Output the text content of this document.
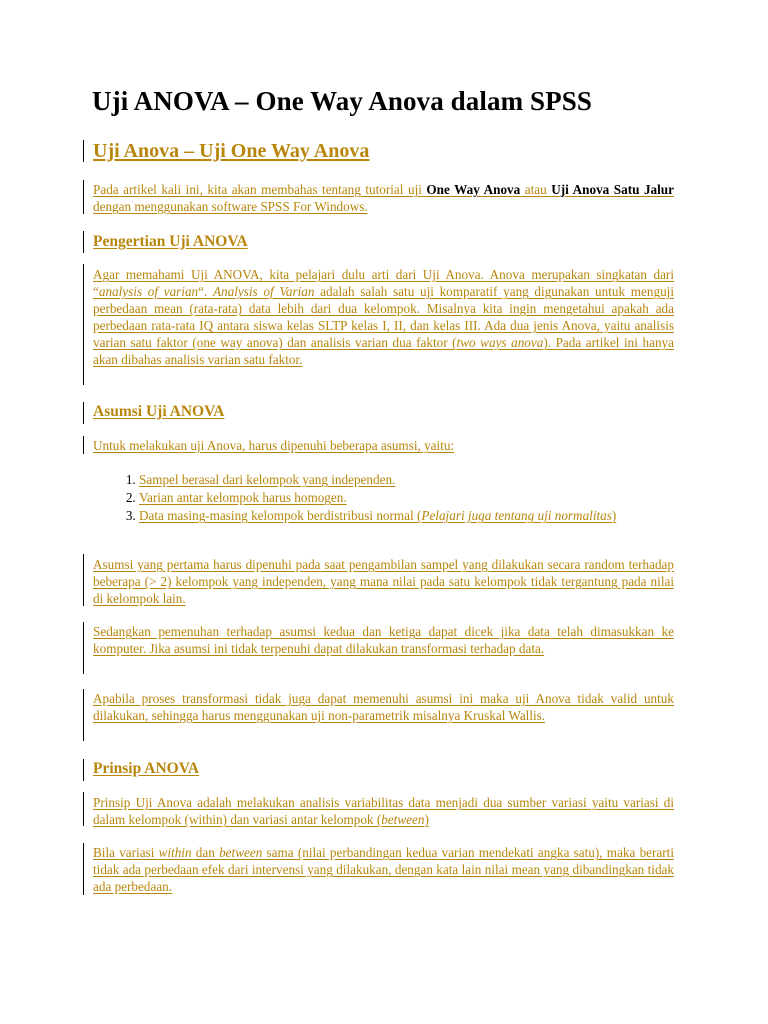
Uji ANOVA – One Way Anova dalam SPSS
Uji Anova – Uji One Way Anova

Pada artikel kali ini, kita akan membahas tentang tutorial uji One Way Anova atau Uji Anova Satu Jalur dengan menggunakan software SPSS For Windows.

Pengertian Uji ANOVA

Agar memahami Uji ANOVA, kita pelajari dulu arti dari Uji Anova. Anova merupakan singkatan dari “analysis of varian“. Analysis of Varian adalah salah satu uji komparatif yang digunakan untuk menguji perbedaan mean (rata-rata) data lebih dari dua kelompok. Misalnya kita ingin mengetahui apakah ada perbedaan rata-rata IQ antara siswa kelas SLTP kelas I, II, dan kelas III. Ada dua jenis Anova, yaitu analisis varian satu faktor (one way anova) dan analisis varian dua faktor (two ways anova). Pada artikel ini hanya akan dibahas analisis varian satu faktor.

Asumsi Uji ANOVA

Untuk melakukan uji Anova, harus dipenuhi beberapa asumsi, yaitu:

1. Sampel berasal dari kelompok yang independen.
2. Varian antar kelompok harus homogen.
3. Data masing-masing kelompok berdistribusi normal (Pelajari juga tentang uji normalitas)

Asumsi yang pertama harus dipenuhi pada saat pengambilan sampel yang dilakukan secara random terhadap beberapa (> 2) kelompok yang independen, yang mana nilai pada satu kelompok tidak tergantung pada nilai di kelompok lain.

Sedangkan pemenuhan terhadap asumsi kedua dan ketiga dapat dicek jika data telah dimasukkan ke komputer. Jika asumsi ini tidak terpenuhi dapat dilakukan transformasi terhadap data.

Apabila proses transformasi tidak juga dapat memenuhi asumsi ini maka uji Anova tidak valid untuk dilakukan, sehingga harus menggunakan uji non-parametrik misalnya Kruskal Wallis.

Prinsip ANOVA

Prinsip Uji Anova adalah melakukan analisis variabilitas data menjadi dua sumber variasi yaitu variasi di dalam kelompok (within) dan variasi antar kelompok (between)

Bila variasi within dan between sama (nilai perbandingan kedua varian mendekati angka satu), maka berarti tidak ada perbedaan efek dari intervensi yang dilakukan, dengan kata lain nilai mean yang dibandingkan tidak ada perbedaan.
